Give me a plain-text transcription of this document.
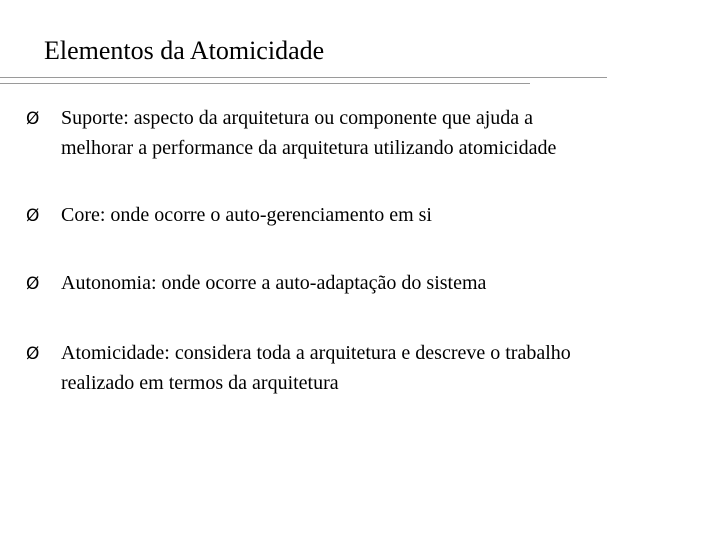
Elementos da Atomicidade
Ø Suporte: aspecto da arquitetura ou componente que ajuda a
melhorar a performance da arquitetura utilizando atomicidade
Ø Core: onde ocorre o auto-gerenciamento em si
Ø Autonomia: onde ocorre a auto-adaptação do sistema
Ø Atomicidade: considera toda a arquitetura e descreve o trabalho
realizado em termos da arquitetura
